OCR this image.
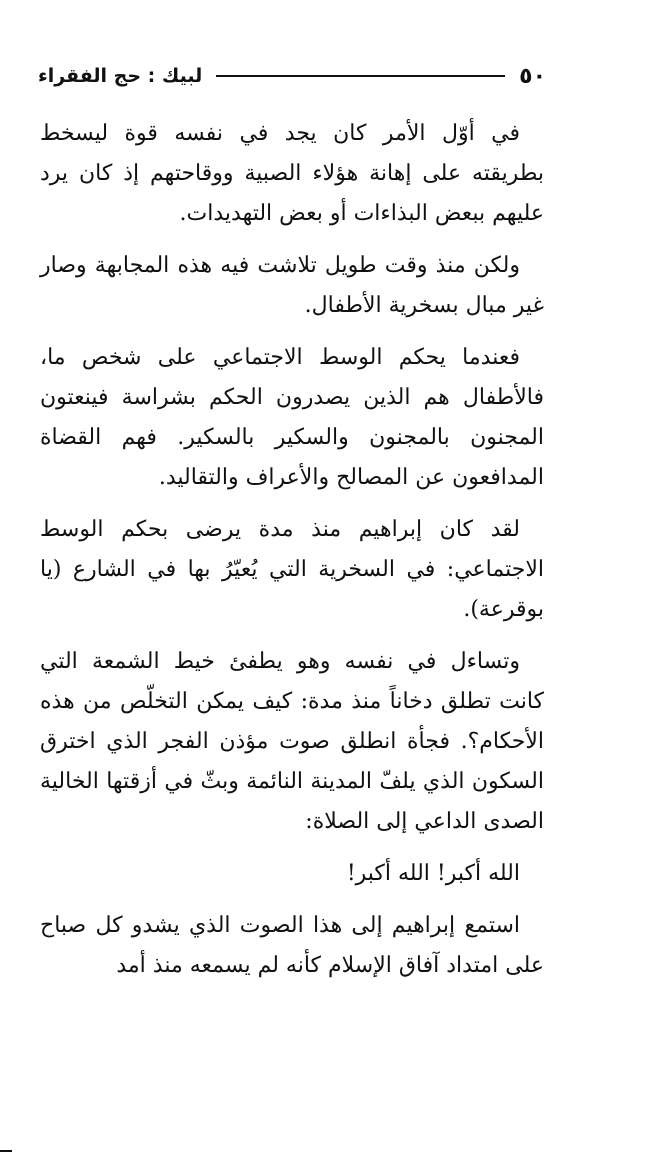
٥٠
لبيك : حج الفقراء

في أوّل الأمر كان يجد في نفسه قوة ليسخط بطريقته على إهانة هؤلاء الصبية ووقاحتهم إذ كان يرد عليهم ببعض البذاءات أو بعض التهديدات.

ولكن منذ وقت طويل تلاشت فيه هذه المجابهة وصار غير مبال بسخرية الأطفال.

فعندما يحكم الوسط الاجتماعي على شخص ما، فالأطفال هم الذين يصدرون الحكم بشراسة فينعتون المجنون بالمجنون والسكير بالسكير. فهم القضاة المدافعون عن المصالح والأعراف والتقاليد.

لقد كان إبراهيم منذ مدة يرضى بحكم الوسط الاجتماعي: في السخرية التي يُعيّرُ بها في الشارع (يا بوقرعة).

وتساءل في نفسه وهو يطفئ خيط الشمعة التي كانت تطلق دخاناً منذ مدة: كيف يمكن التخلّص من هذه الأحكام؟. فجأة انطلق صوت مؤذن الفجر الذي اخترق السكون الذي يلفّ المدينة النائمة وبثّ في أزقتها الخالية الصدى الداعي إلى الصلاة:

الله أكبر! الله أكبر!

استمع إبراهيم إلى هذا الصوت الذي يشدو كل صباح على امتداد آفاق الإسلام كأنه لم يسمعه منذ أمد
